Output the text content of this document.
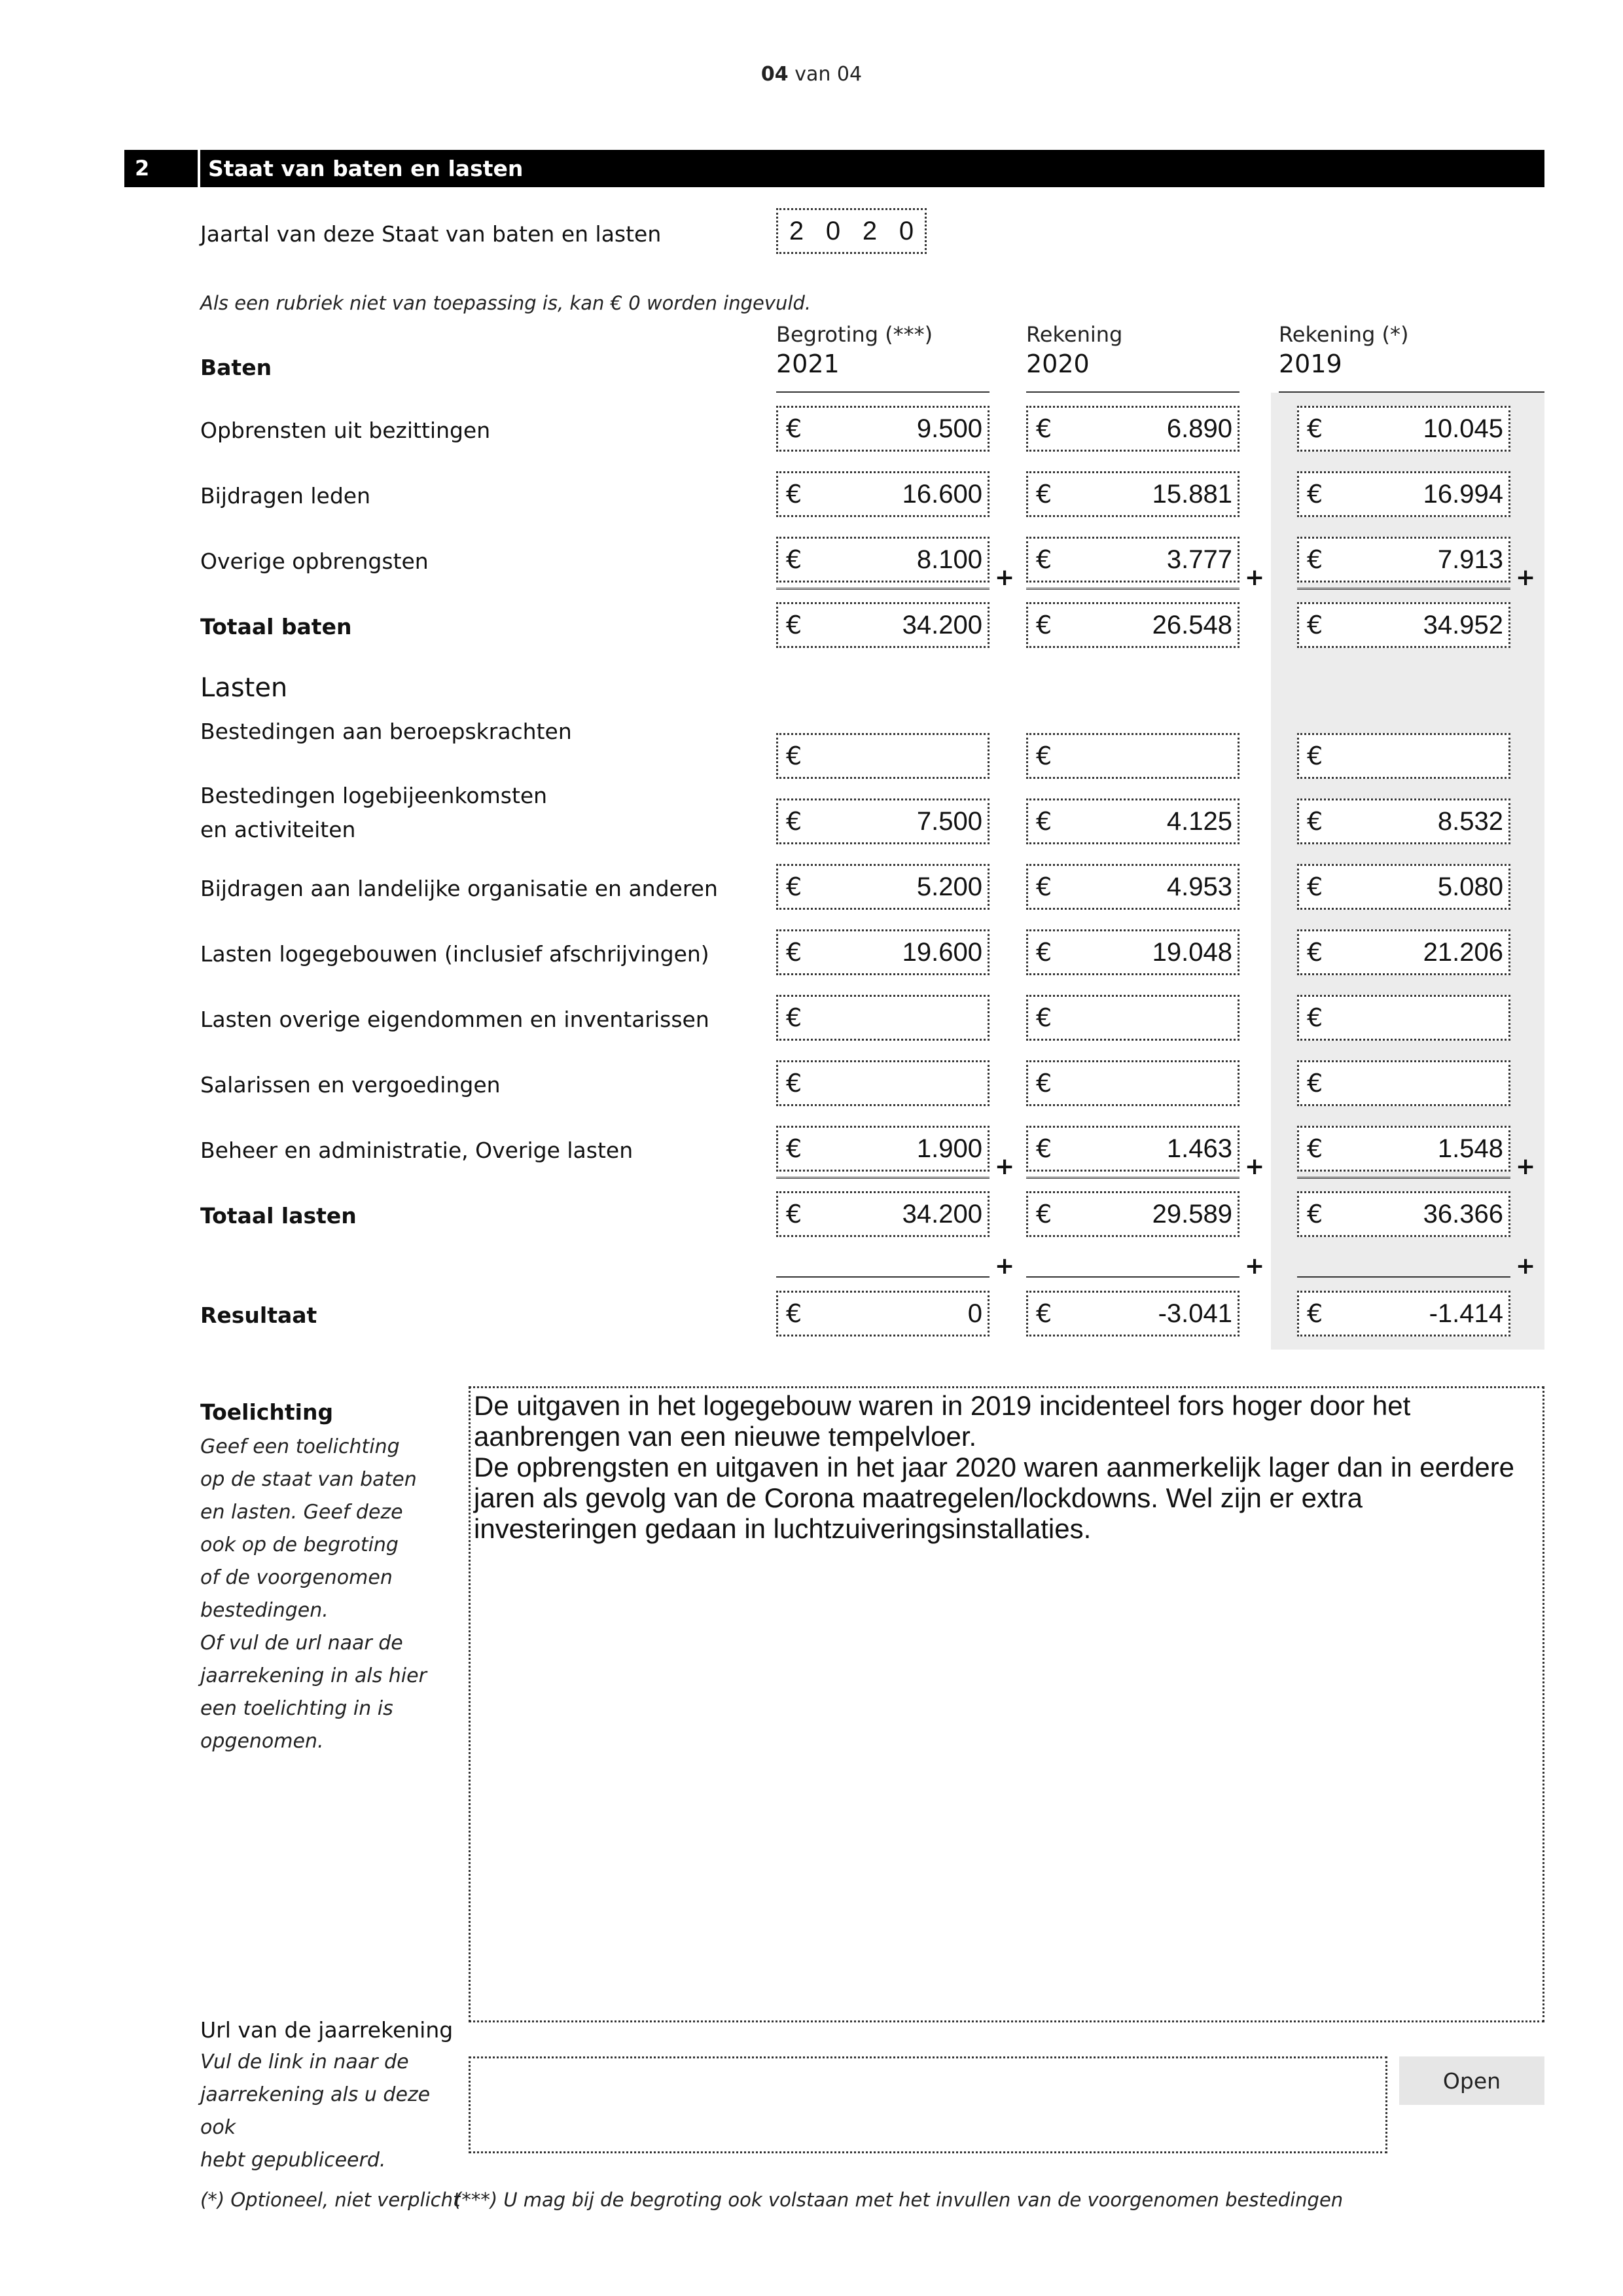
04 van 04
2	Staat van baten en lasten
Jaartal van deze Staat van baten en lasten	2 0 2 0
Als een rubriek niet van toepassing is, kan € 0 worden ingevuld.
Begroting (***)
2021
Rekening
2020
Rekening (*)
2019
Baten
Opbrensten uit bezittingen	€	9.500 €	6.890	€	10.045
Bijdragen leden	€	16.600 €	15.881	€	16.994
Overige opbrengsten	€	8.100 €	3.777	€	7.913
+	+	+
Totaal baten	€	34.200 €	26.548	€	34.952
Lasten
Bestedingen aan beroepskrachten
€	€	€
Bestedingen logebijeenkomsten
en activiteiten	€	7.500 €	4.125	€	8.532
Bijdragen aan landelijke organisatie en anderen	€	5.200 €	4.953	€	5.080
Lasten logegebouwen (inclusief afschrijvingen)	€	19.600 €	19.048	€	21.206
Lasten overige eigendommen en inventarissen	€	€	€
Salarissen en vergoedingen	€	€	€
Beheer en administratie, Overige lasten	€	1.900 €	1.463	€	1.548
+	+	+
Totaal lasten	€	34.200 €	29.589	€	36.366
+	+	+
Resultaat	€	0 €	-3.041	€	-1.414
Toelichting
Geef een toelichting
op de staat van baten
en lasten. Geef deze
ook op de begroting
of de voorgenomen
bestedingen.
Of vul de url naar de
jaarrekening in als hier
een toelichting in is
opgenomen.
De uitgaven in het logegebouw waren in 2019 incidenteel fors hoger door het
aanbrengen van een nieuwe tempelvloer.
De opbrengsten en uitgaven in het jaar 2020 waren aanmerkelijk lager dan in eerdere
jaren als gevolg van de Corona maatregelen/lockdowns. Wel zijn er extra
investeringen gedaan in luchtzuiveringsinstallaties.
Url van de jaarrekening
Vul de link in naar de
jaarrekening als u deze ook
hebt gepubliceerd.
Open
(*) Optioneel, niet verplicht
(***) U mag bij de begroting ook volstaan met het invullen van de voorgenomen bestedingen
